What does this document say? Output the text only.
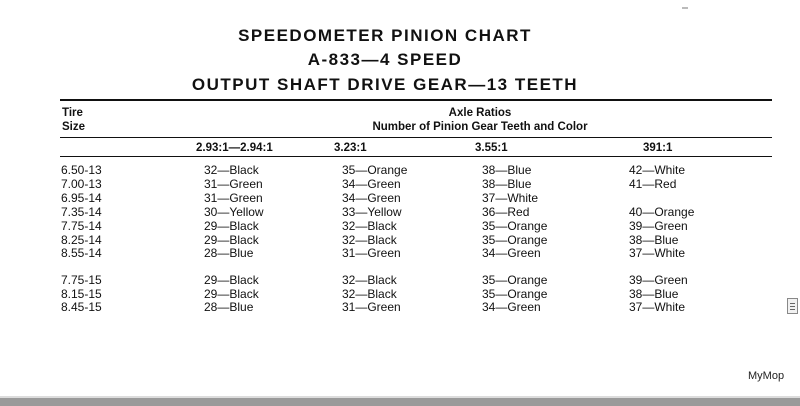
SPEEDOMETER PINION CHART
A-833—4 SPEED
OUTPUT SHAFT DRIVE GEAR—13 TEETH
Tire
Size
Axle Ratios
Number of Pinion Gear Teeth and Color
2.93:1—2.94:1	3.23:1	3.55:1	391:1
6.50-13	32—Black	35—Orange	38—Blue	42—White
7.00-13	31—Green	34—Green	38—Blue	41—Red
6.95-14	31—Green	34—Green	37—White
7.35-14	30—Yellow	33—Yellow	36—Red	40—Orange
7.75-14	29—Black	32—Black	35—Orange	39—Green
8.25-14	29—Black	32—Black	35—Orange	38—Blue
8.55-14	28—Blue	31—Green	34—Green	37—White
7.75-15	29—Black	32—Black	35—Orange	39—Green
8.15-15	29—Black	32—Black	35—Orange	38—Blue
8.45-15	28—Blue	31—Green	34—Green	37—White
MyMop
